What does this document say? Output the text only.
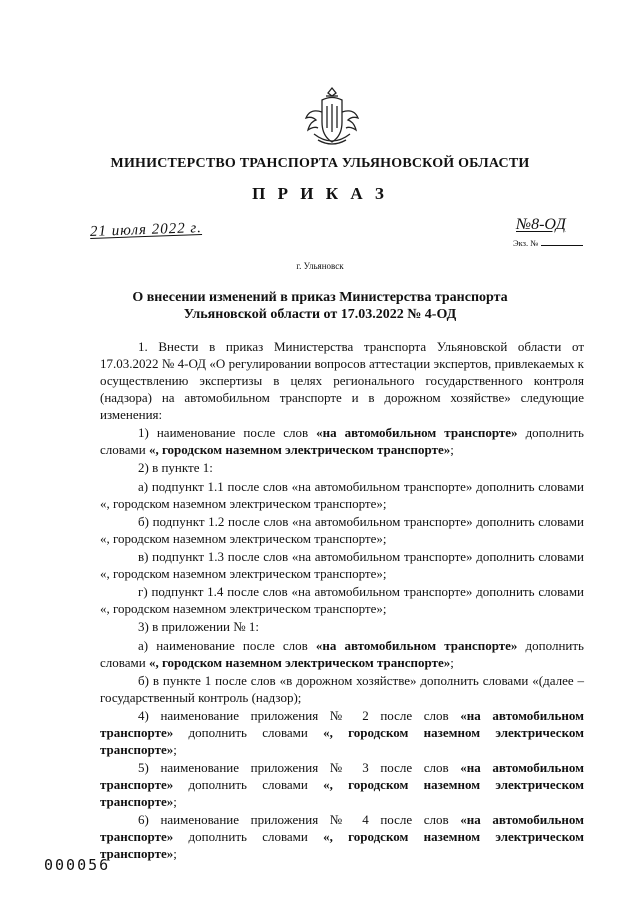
МИНИСТЕРСТВО ТРАНСПОРТА УЛЬЯНОВСКОЙ ОБЛАСТИ
П Р И К А З
21 июля 2022 г.	№8-ОД
Экз. №
г. Ульяновск
О внесении изменений в приказ Министерства транспорта
Ульяновской области от 17.03.2022 № 4-ОД

1. Внести в приказ Министерства транспорта Ульяновской области от 17.03.2022 № 4-ОД «О регулировании вопросов аттестации экспертов, привлекаемых к осуществлению экспертизы в целях регионального государственного контроля (надзора) на автомобильном транспорте и в дорожном хозяйстве» следующие изменения:

1) наименование после слов «на автомобильном транспорте» дополнить словами «, городском наземном электрическом транспорте»;

2) в пункте 1:

а) подпункт 1.1 после слов «на автомобильном транспорте» дополнить словами «, городском наземном электрическом транспорте»;

б) подпункт 1.2 после слов «на автомобильном транспорте» дополнить словами «, городском наземном электрическом транспорте»;

в) подпункт 1.3 после слов «на автомобильном транспорте» дополнить словами «, городском наземном электрическом транспорте»;

г) подпункт 1.4 после слов «на автомобильном транспорте» дополнить словами «, городском наземном электрическом транспорте»;

3) в приложении № 1:

а) наименование после слов «на автомобильном транспорте» дополнить словами «, городском наземном электрическом транспорте»;

б) в пункте 1 после слов «в дорожном хозяйстве» дополнить словами «(далее – государственный контроль (надзор);

4) наименование приложения № 2 после слов «на автомобильном транспорте» дополнить словами «, городском наземном электрическом транспорте»;

5) наименование приложения № 3 после слов «на автомобильном транспорте» дополнить словами «, городском наземном электрическом транспорте»;

6) наименование приложения № 4 после слов «на автомобильном транспорте» дополнить словами «, городском наземном электрическом транспорте»;

000056
